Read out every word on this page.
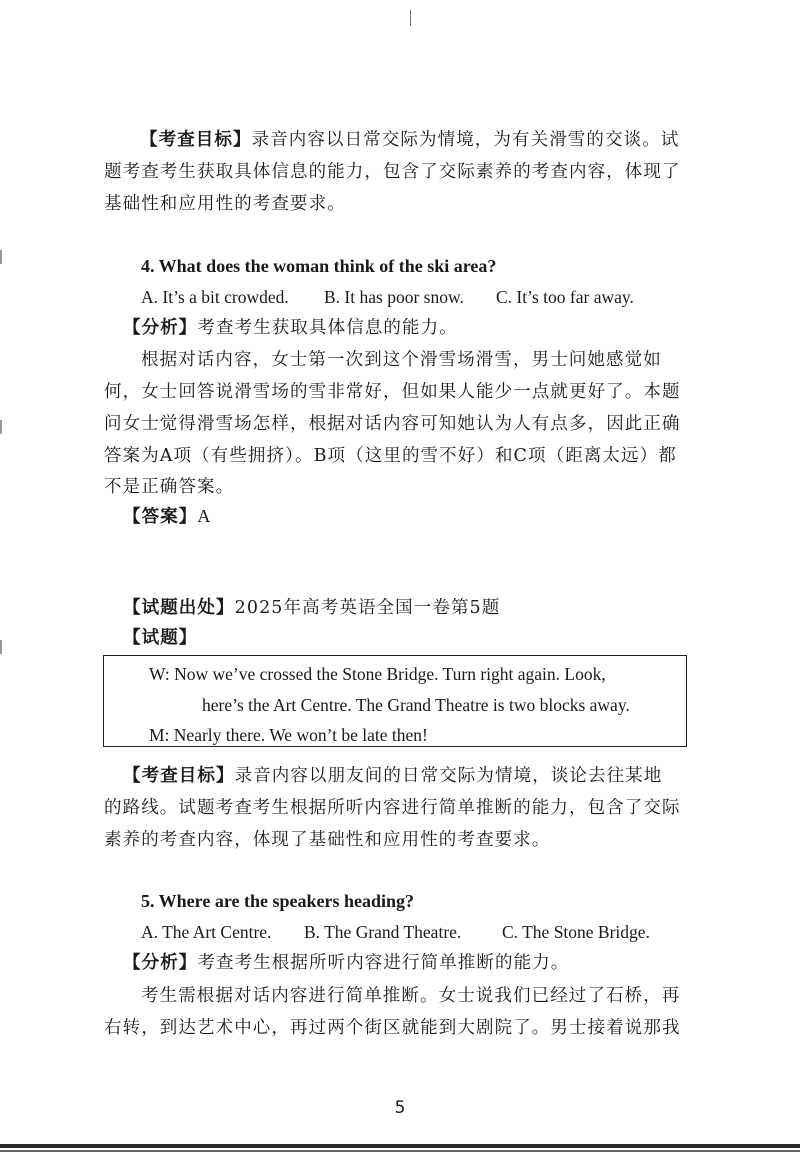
【考查目标】录音内容以日常交际为情境，为有关滑雪的交谈。试
题考查考生获取具体信息的能力，包含了交际素养的考查内容，体现了
基础性和应用性的考查要求。
4. What does the woman think of the ski area?
A. It’s a bit crowded. B. It has poor snow. C. It’s too far away.
【分析】考查考生获取具体信息的能力。
根据对话内容，女士第一次到这个滑雪场滑雪，男士问她感觉如
何，女士回答说滑雪场的雪非常好，但如果人能少一点就更好了。本题
问女士觉得滑雪场怎样，根据对话内容可知她认为人有点多，因此正确
答案为A项（有些拥挤）。B项（这里的雪不好）和C项（距离太远）都
不是正确答案。
【答案】A
【试题出处】2025年高考英语全国一卷第5题
【试题】
W: Now we’ve crossed the Stone Bridge. Turn right again. Look,
here’s the Art Centre. The Grand Theatre is two blocks away.
M: Nearly there. We won’t be late then!
【考查目标】录音内容以朋友间的日常交际为情境，谈论去往某地
的路线。试题考查考生根据所听内容进行简单推断的能力，包含了交际
素养的考查内容，体现了基础性和应用性的考查要求。
5. Where are the speakers heading?
A. The Art Centre. B. The Grand Theatre. C. The Stone Bridge.
【分析】考查考生根据所听内容进行简单推断的能力。
考生需根据对话内容进行简单推断。女士说我们已经过了石桥，再
右转，到达艺术中心，再过两个街区就能到大剧院了。男士接着说那我
5
